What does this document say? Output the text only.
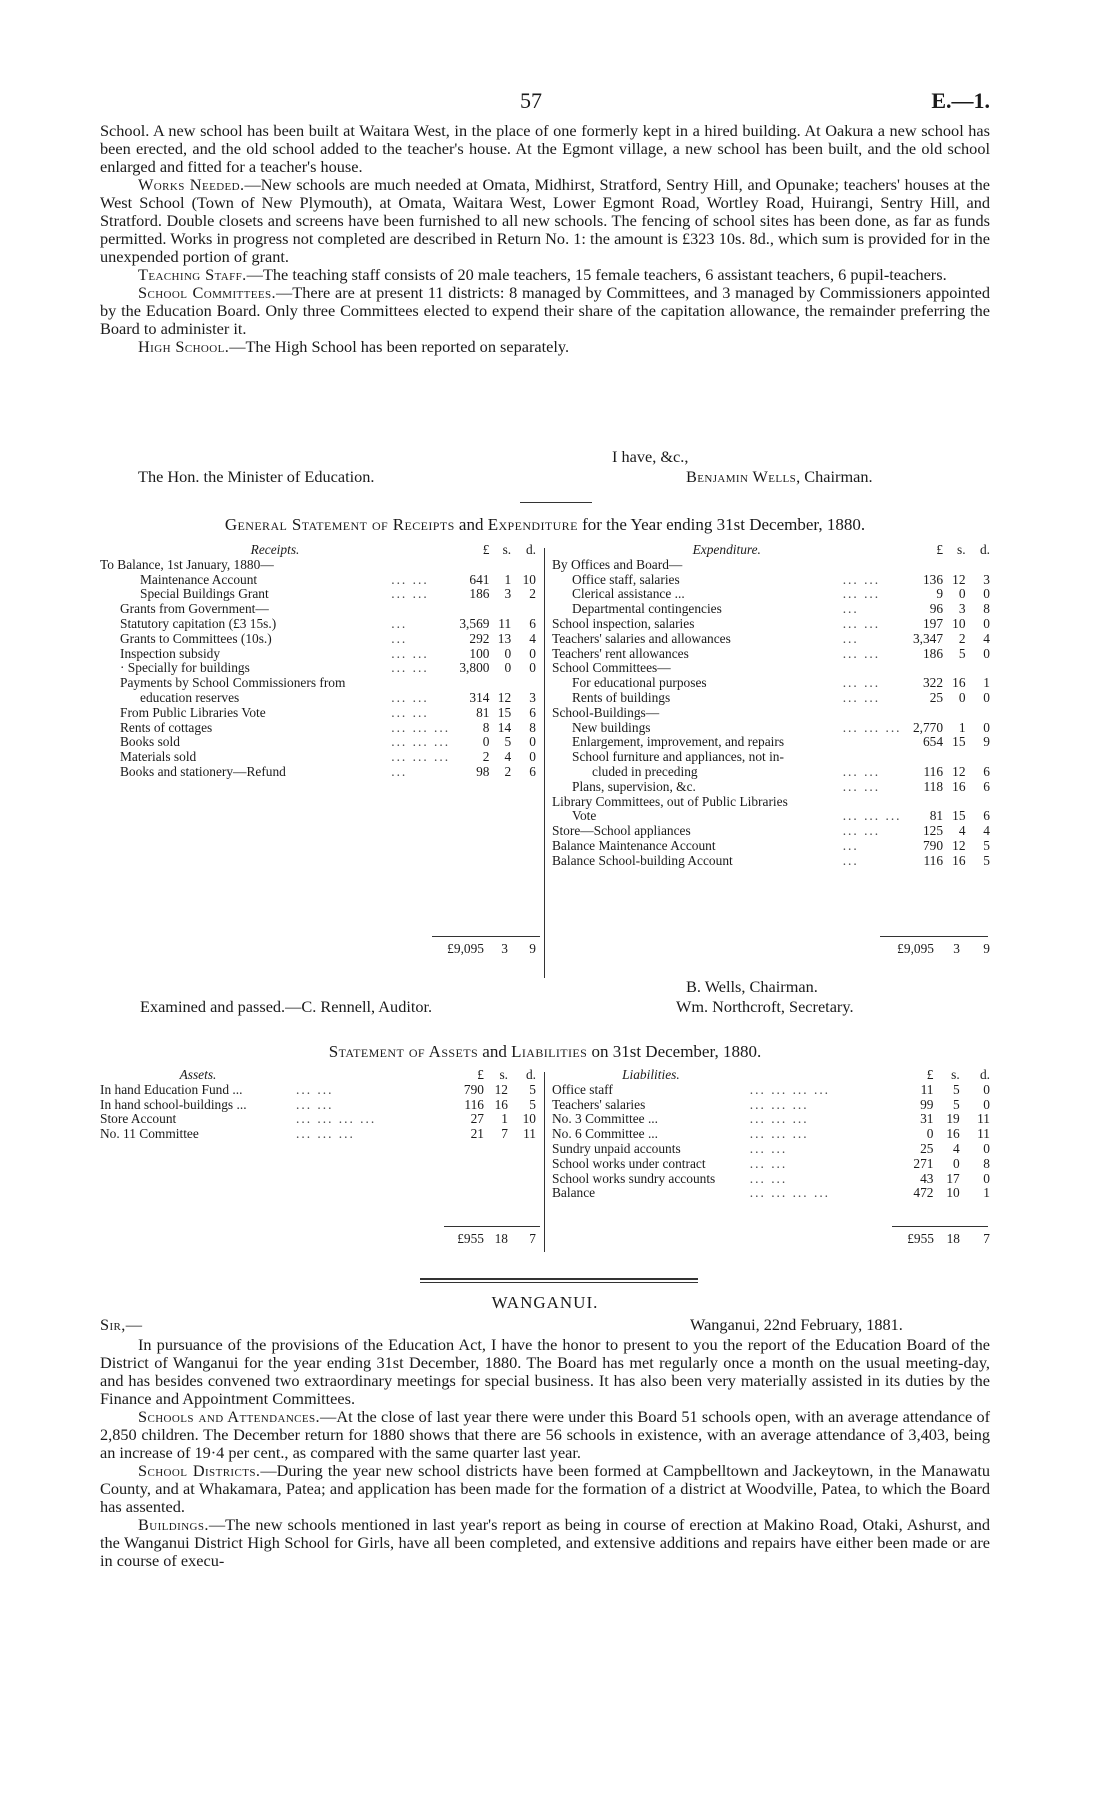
57	E.—1.

School. A new school has been built at Waitara West, in the place of one formerly kept in a hired building. At Oakura a new school has been erected, and the old school added to the teacher's house. At the Egmont village, a new school has been built, and the old school enlarged and fitted for a teacher's house.

Works Needed.—New schools are much needed at Omata, Midhirst, Stratford, Sentry Hill, and Opunake; teachers' houses at the West School (Town of New Plymouth), at Omata, Waitara West, Lower Egmont Road, Wortley Road, Huirangi, Sentry Hill, and Stratford. Double closets and screens have been furnished to all new schools. The fencing of school sites has been done, as far as funds permitted. Works in progress not completed are described in Return No. 1: the amount is £323 10s. 8d., which sum is provided for in the unexpended portion of grant.

Teaching Staff.—The teaching staff consists of 20 male teachers, 15 female teachers, 6 assistant teachers, 6 pupil-teachers.

School Committees.—There are at present 11 districts: 8 managed by Committees, and 3 managed by Commissioners appointed by the Education Board. Only three Committees elected to expend their share of the capitation allowance, the remainder preferring the Board to administer it.

High School.—The High School has been reported on separately.

I have, &c.,
The Hon. the Minister of Education.	Benjamin Wells, Chairman.
General Statement of Receipts and Expenditure for the Year ending 31st December, 1880.
Receipts.		£	s.	d.
To Balance, 1st January, 1880—				
Maintenance Account	... ...	641	1	10
Special Buildings Grant	... ...	186	3	2
Grants from Government—				
Statutory capitation (£3 15s.)	...	3,569	11	6
Grants to Committees (10s.)	...	292	13	4
Inspection subsidy	... ...	100	0	0
· Specially for buildings	... ...	3,800	0	0
Payments by School Commissioners from				
education reserves	... ...	314	12	3
From Public Libraries Vote	... ...	81	15	6
Rents of cottages	... ... ...	8	14	8
Books sold	... ... ...	0	5	0
Materials sold	... ... ...	2	4	0
Books and stationery—Refund	...	98	2	6
Expenditure.		£	s.	d.
By Offices and Board—				
Office staff, salaries	... ...	136	12	3
Clerical assistance ...	... ...	9	0	0
Departmental contingencies	...	96	3	8
School inspection, salaries	... ...	197	10	0
Teachers' salaries and allowances	...	3,347	2	4
Teachers' rent allowances	... ...	186	5	0
School Committees—				
For educational purposes	... ...	322	16	1
Rents of buildings	... ...	25	0	0
School-Buildings—				
New buildings	... ... ...	2,770	1	0
Enlargement, improvement, and repairs		654	15	9
School furniture and appliances, not in-				
cluded in preceding	... ...	116	12	6
Plans, supervision, &c.	... ...	118	16	6
Library Committees, out of Public Libraries				
Vote	... ... ...	81	15	6
Store—School appliances	... ...	125	4	4
Balance Maintenance Account	...	790	12	5
Balance School-building Account	...	116	16	5
£9,095	3	9	£9,095	3	9
B. Wells, Chairman.
Examined and passed.—C. Rennell, Auditor.	Wm. Northcroft, Secretary.
Statement of Assets and Liabilities on 31st December, 1880.
Assets.		£	s.	d.
In hand Education Fund ...	... ...	790	12	5
In hand school-buildings ...	... ...	116	16	5
Store Account	... ... ... ...	27	1	10
No. 11 Committee	... ... ...	21	7	11
Liabilities.		£	s.	d.
Office staff	... ... ... ...	11	5	0
Teachers' salaries	... ... ...	99	5	0
No. 3 Committee ...	... ... ...	31	19	11
No. 6 Committee ...	... ... ...	0	16	11
Sundry unpaid accounts	... ...	25	4	0
School works under contract	... ...	271	0	8
School works sundry accounts	... ...	43	17	0
Balance	... ... ... ...	472	10	1
£955	18	7	£955	18	7
WANGANUI.
Sir,—	Wanganui, 22nd February, 1881.

In pursuance of the provisions of the Education Act, I have the honor to present to you the report of the Education Board of the District of Wanganui for the year ending 31st December, 1880. The Board has met regularly once a month on the usual meeting-day, and has besides convened two extraordinary meetings for special business. It has also been very materially assisted in its duties by the Finance and Appointment Committees.

Schools and Attendances.—At the close of last year there were under this Board 51 schools open, with an average attendance of 2,850 children. The December return for 1880 shows that there are 56 schools in existence, with an average attendance of 3,403, being an increase of 19·4 per cent., as compared with the same quarter last year.

School Districts.—During the year new school districts have been formed at Campbelltown and Jackeytown, in the Manawatu County, and at Whakamara, Patea; and application has been made for the formation of a district at Woodville, Patea, to which the Board has assented.

Buildings.—The new schools mentioned in last year's report as being in course of erection at Makino Road, Otaki, Ashurst, and the Wanganui District High School for Girls, have all been completed, and extensive additions and repairs have either been made or are in course of execu-
